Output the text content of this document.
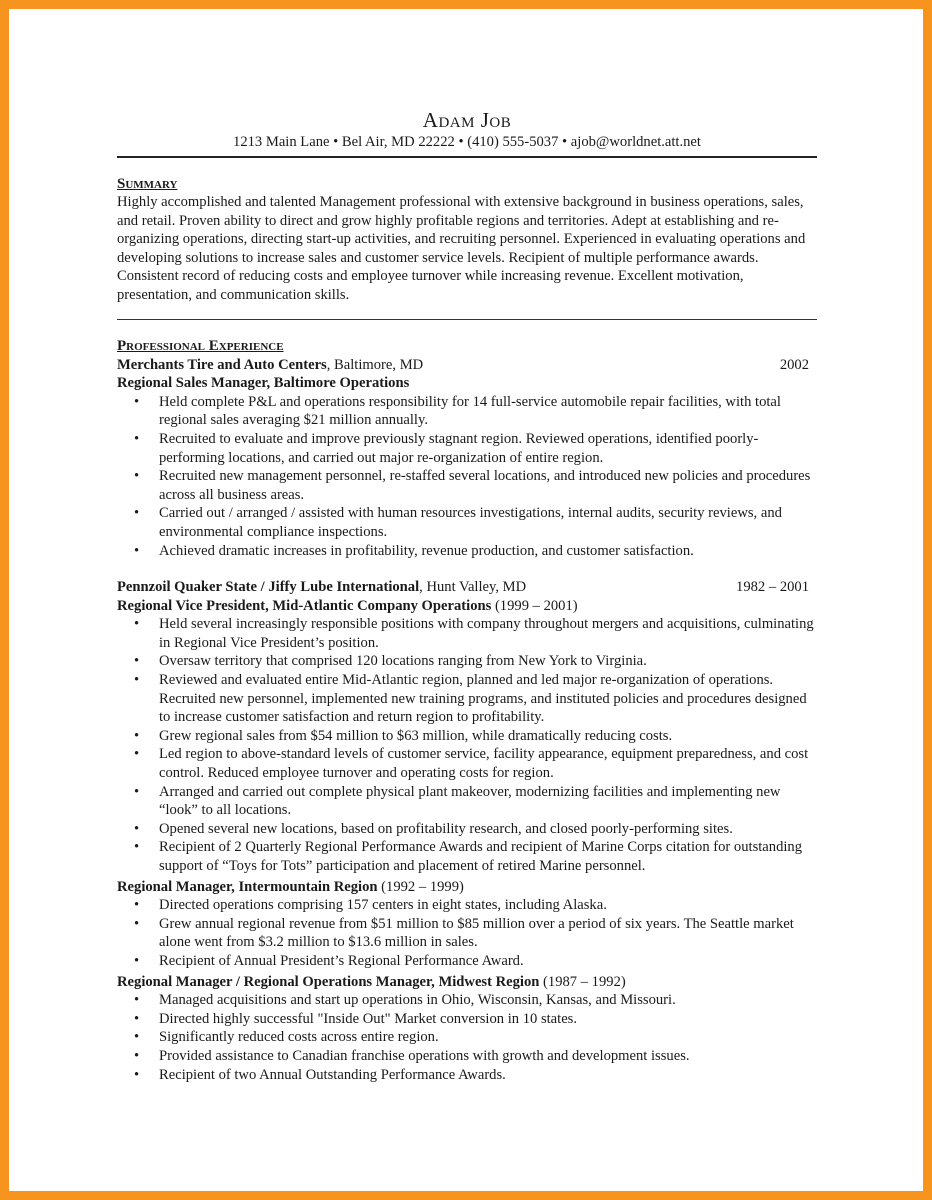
Adam Job
1213 Main Lane • Bel Air, MD 22222 • (410) 555-5037 • ajob@worldnet.att.net
Summary
Highly accomplished and talented Management professional with extensive background in business operations, sales, and retail. Proven ability to direct and grow highly profitable regions and territories. Adept at establishing and re-organizing operations, directing start-up activities, and recruiting personnel. Experienced in evaluating operations and developing solutions to increase sales and customer service levels. Recipient of multiple performance awards. Consistent record of reducing costs and employee turnover while increasing revenue. Excellent motivation, presentation, and communication skills.
Professional Experience
Merchants Tire and Auto Centers, Baltimore, MD	2002
Regional Sales Manager, Baltimore Operations
• Held complete P&L and operations responsibility for 14 full-service automobile repair facilities, with total regional sales averaging $21 million annually.
• Recruited to evaluate and improve previously stagnant region. Reviewed operations, identified poorly-performing locations, and carried out major re-organization of entire region.
• Recruited new management personnel, re-staffed several locations, and introduced new policies and procedures across all business areas.
• Carried out / arranged / assisted with human resources investigations, internal audits, security reviews, and environmental compliance inspections.
• Achieved dramatic increases in profitability, revenue production, and customer satisfaction.
Pennzoil Quaker State / Jiffy Lube International, Hunt Valley, MD	1982 – 2001
Regional Vice President, Mid-Atlantic Company Operations (1999 – 2001)
• Held several increasingly responsible positions with company throughout mergers and acquisitions, culminating in Regional Vice President’s position.
• Oversaw territory that comprised 120 locations ranging from New York to Virginia.
• Reviewed and evaluated entire Mid-Atlantic region, planned and led major re-organization of operations. Recruited new personnel, implemented new training programs, and instituted policies and procedures designed to increase customer satisfaction and return region to profitability.
• Grew regional sales from $54 million to $63 million, while dramatically reducing costs.
• Led region to above-standard levels of customer service, facility appearance, equipment preparedness, and cost control. Reduced employee turnover and operating costs for region.
• Arranged and carried out complete physical plant makeover, modernizing facilities and implementing new “look” to all locations.
• Opened several new locations, based on profitability research, and closed poorly-performing sites.
• Recipient of 2 Quarterly Regional Performance Awards and recipient of Marine Corps citation for outstanding support of “Toys for Tots” participation and placement of retired Marine personnel.
Regional Manager, Intermountain Region (1992 – 1999)
• Directed operations comprising 157 centers in eight states, including Alaska.
• Grew annual regional revenue from $51 million to $85 million over a period of six years. The Seattle market alone went from $3.2 million to $13.6 million in sales.
• Recipient of Annual President’s Regional Performance Award.
Regional Manager / Regional Operations Manager, Midwest Region (1987 – 1992)
• Managed acquisitions and start up operations in Ohio, Wisconsin, Kansas, and Missouri.
• Directed highly successful "Inside Out" Market conversion in 10 states.
• Significantly reduced costs across entire region.
• Provided assistance to Canadian franchise operations with growth and development issues.
• Recipient of two Annual Outstanding Performance Awards.
